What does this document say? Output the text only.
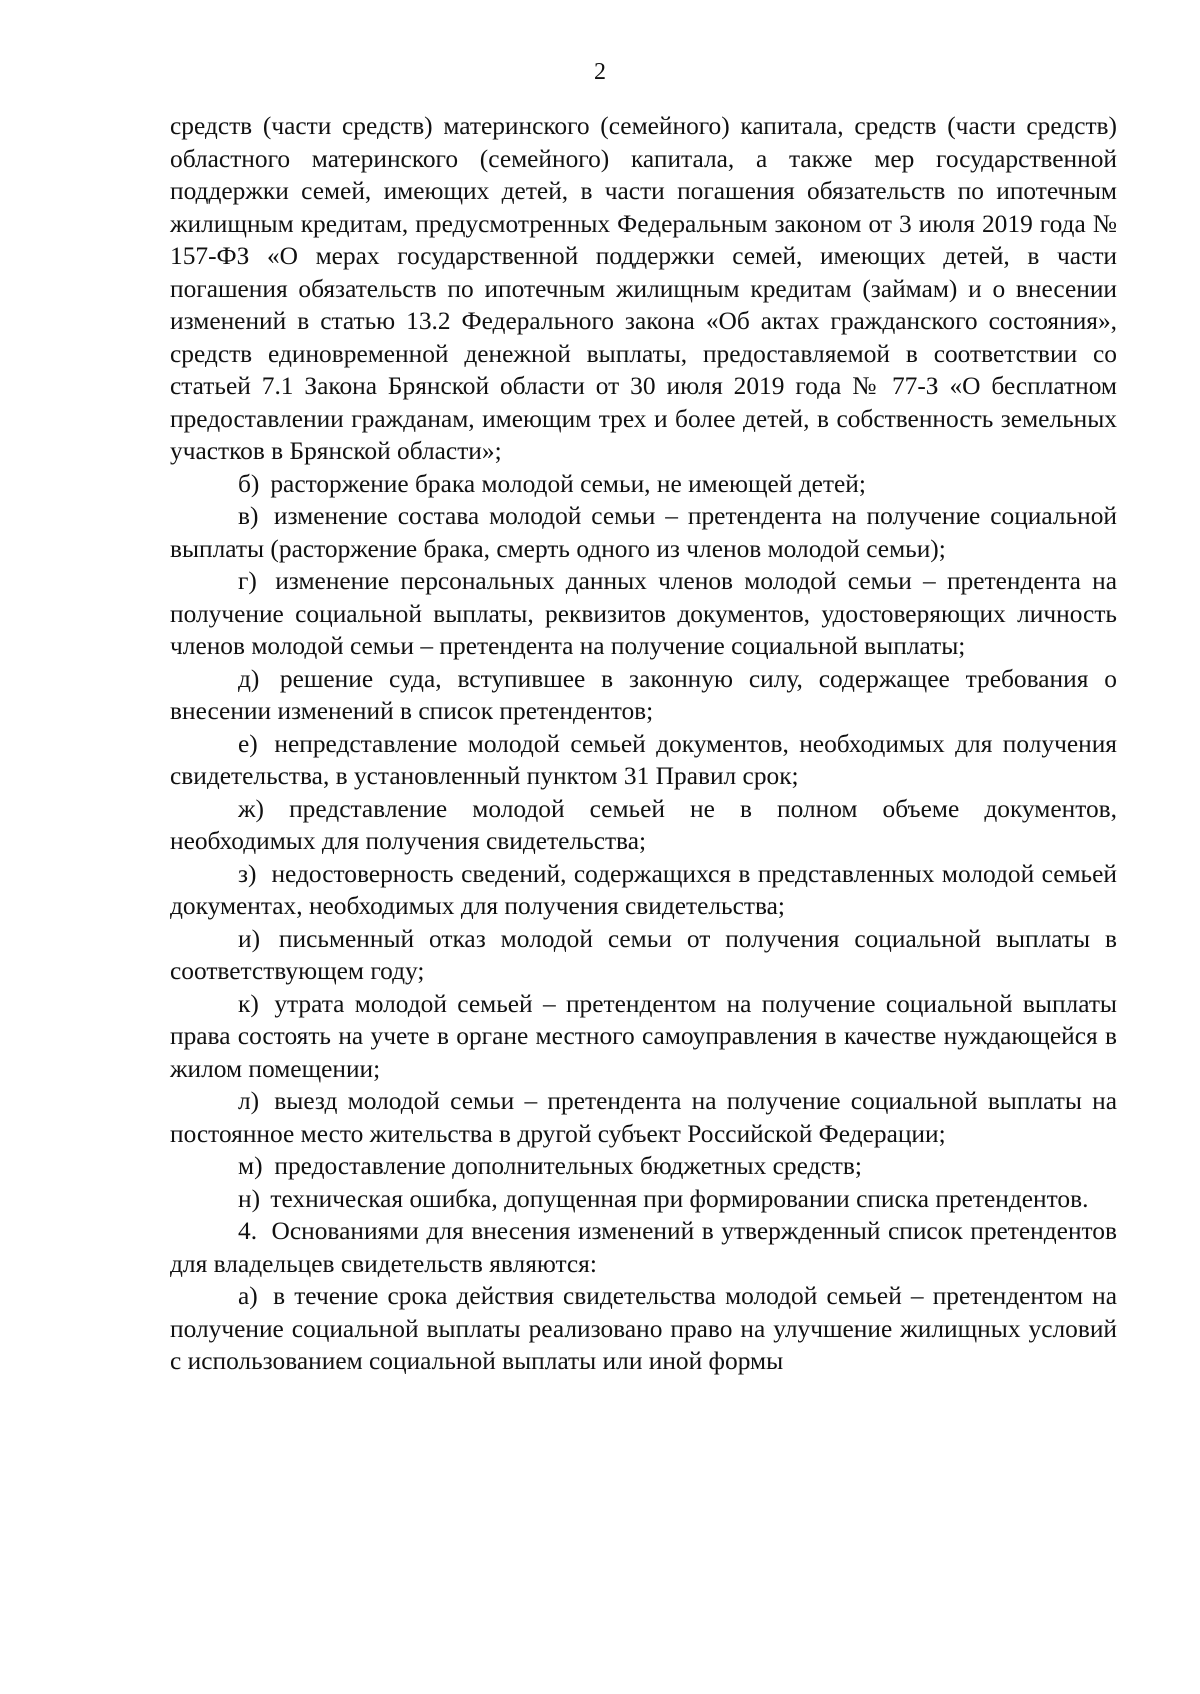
2

средств (части средств) материнского (семейного) капитала, средств (части средств) областного материнского (семейного) капитала, а также мер государственной поддержки семей, имеющих детей, в части погашения обязательств по ипотечным жилищным кредитам, предусмотренных Федеральным законом от 3 июля 2019 года № 157-ФЗ «О мерах государственной поддержки семей, имеющих детей, в части погашения обязательств по ипотечным жилищным кредитам (займам) и о внесении изменений в статью 13.2 Федерального закона «Об актах гражданского состояния», средств единовременной денежной выплаты, предоставляемой в соответствии со статьей 7.1 Закона Брянской области от 30 июля 2019 года № 77-З «О бесплатном предоставлении гражданам, имеющим трех и более детей, в собственность земельных участков в Брянской области»;

б) расторжение брака молодой семьи, не имеющей детей;

в) изменение состава молодой семьи – претендента на получение социальной выплаты (расторжение брака, смерть одного из членов молодой семьи);

г) изменение персональных данных членов молодой семьи – претендента на получение социальной выплаты, реквизитов документов, удостоверяющих личность членов молодой семьи – претендента на получение социальной выплаты;

д) решение суда, вступившее в законную силу, содержащее требования о внесении изменений в список претендентов;

е) непредставление молодой семьей документов, необходимых для получения свидетельства, в установленный пунктом 31 Правил срок;

ж) представление молодой семьей не в полном объеме документов, необходимых для получения свидетельства;

з) недостоверность сведений, содержащихся в представленных молодой семьей документах, необходимых для получения свидетельства;

и) письменный отказ молодой семьи от получения социальной выплаты в соответствующем году;

к) утрата молодой семьей – претендентом на получение социальной выплаты права состоять на учете в органе местного самоуправления в качестве нуждающейся в жилом помещении;

л) выезд молодой семьи – претендента на получение социальной выплаты на постоянное место жительства в другой субъект Российской Федерации;

м) предоставление дополнительных бюджетных средств;

н) техническая ошибка, допущенная при формировании списка претендентов.

4. Основаниями для внесения изменений в утвержденный список претендентов для владельцев свидетельств являются:

а) в течение срока действия свидетельства молодой семьей – претендентом на получение социальной выплаты реализовано право на улучшение жилищных условий с использованием социальной выплаты или иной формы
